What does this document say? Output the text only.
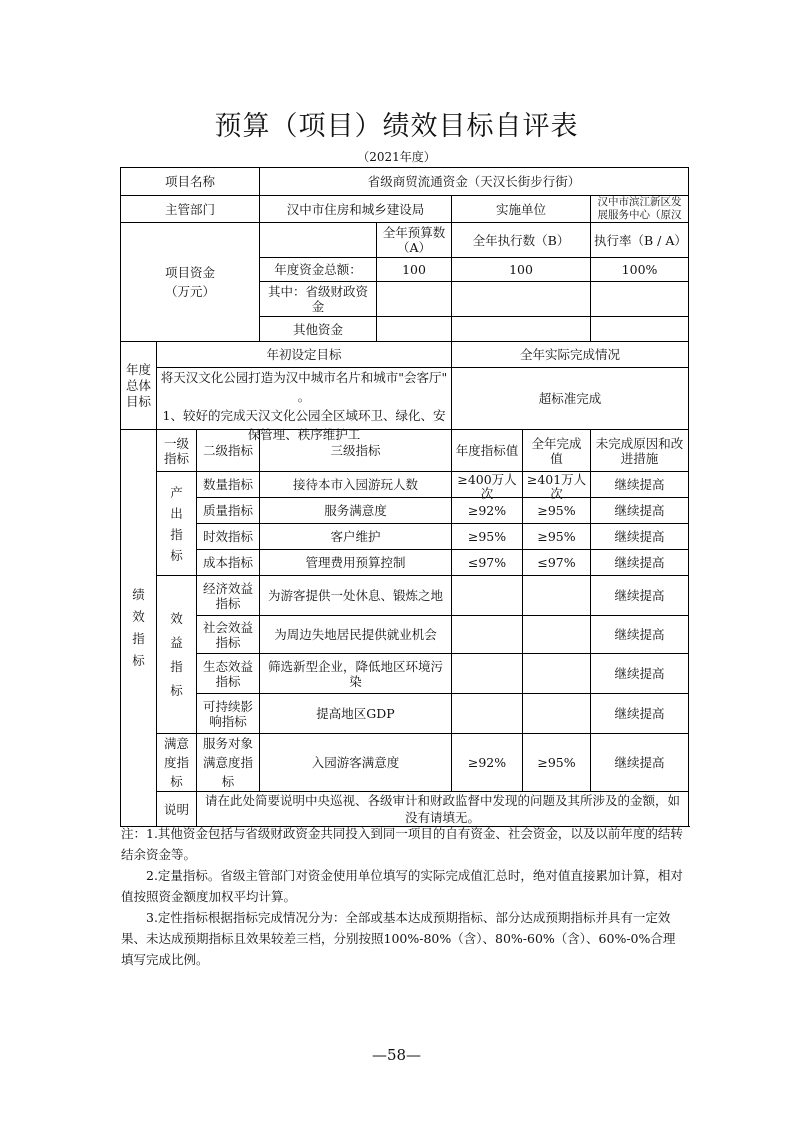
预算（项目）绩效目标自评表
（2021年度）
项目名称			省级商贸流通资金（天汉长街步行街）				
主管部门			汉中市住房和城乡建设局		实施单位		汉中市滨江新区发展服务中心（原汉

项目资金（万元）				全年预算数（A）	全年执行数（B）		执行率（B / A）
			年度资金总额：	100	100		100%
			其中：省级财政资金				
			其他资金				

年度总体目标	年初设定目标				全年实际完成情况		

	将天汉文化公园打造为汉中城市名片和城市"会客厅" 。
1、较好的完成天汉文化公园全区域环卫、绿化、安保管理、秩序维护工				超标准完成		

绩效指标	一级指标	二级指标	三级指标		年度指标值	全年完成值	未完成原因和改进措施

	产出指标	数量指标	接待本市入园游玩人数		≥400万人次	≥401万人次	继续提高
		质量指标	服务满意度		≥92%	≥95%	继续提高
		时效指标	客户维护		≥95%	≥95%	继续提高
		成本指标	管理费用预算控制		≤97%	≤97%	继续提高

	效益指标	经济效益指标	为游客提供一处休息、锻炼之地				继续提高
		社会效益指标	为周边失地居民提供就业机会				继续提高
		生态效益指标	筛选新型企业，降低地区环境污染				继续提高
		可持续影响指标	提高地区GDP				继续提高
	满意度指标	服务对象满意度指标	入园游客满意度		≥92%	≥95%	继续提高
	说明	请在此处简要说明中央巡视、各级审计和财政监督中发现的问题及其所涉及的金额，如没有请填无。					

注：1.其他资金包括与省级财政资金共同投入到同一项目的自有资金、社会资金，以及以前年度的结转结余资金等。

2.定量指标。省级主管部门对资金使用单位填写的实际完成值汇总时，绝对值直接累加计算，相对值按照资金额度加权平均计算。

3.定性指标根据指标完成情况分为：全部或基本达成预期指标、部分达成预期指标并具有一定效果、未达成预期指标且效果较差三档，分别按照100%-80%（含）、80%-60%（含）、60%-0%合理填写完成比例。

—58—
